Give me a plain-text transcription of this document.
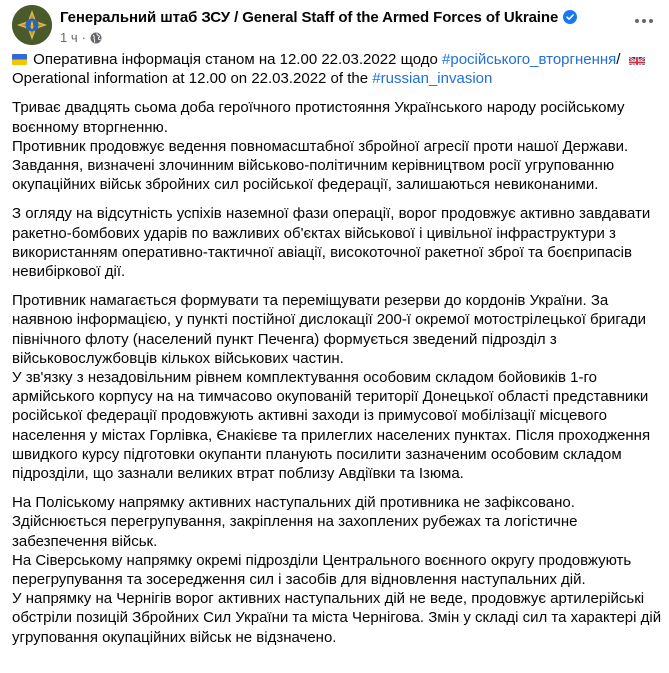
Генеральний штаб ЗСУ / General Staff of the Armed Forces of Ukraine
1 ч ·

Оперативна інформація станом на 12.00 22.03.2022 щодо #російського_вторгнення/
Operational information at 12.00 on 22.03.2022 of the #russian_invasion

Триває двадцять сьома доба героїчного протистояння Українського народу російському
воєнному вторгненню.
Противник продовжує ведення повномасштабної збройної агресії проти нашої Держави.
Завдання, визначені злочинним військово-політичним керівництвом росії угрупованню
окупаційних військ збройних сил російської федерації, залишаються невиконаними.

З огляду на відсутність успіхів наземної фази операції, ворог продовжує активно завдавати
ракетно-бомбових ударів по важливих об'єктах військової і цивільної інфраструктури з
використанням оперативно-тактичної авіації, високоточної ракетної зброї та боєприпасів
невибіркової дії.

Противник намагається формувати та переміщувати резерви до кордонів України. За
наявною інформацією, у пункті постійної дислокації 200-ї окремої мотострілецької бригади
північного флоту (населений пункт Печенга) формується зведений підрозділ з
військовослужбовців кількох військових частин.
У зв'язку з незадовільним рівнем комплектування особовим складом бойовиків 1-го
армійського корпусу на на тимчасово окупованій території Донецької області представники
російської федерації продовжують активні заходи із примусової мобілізації місцевого
населення у містах Горлівка, Єнакієве та прилеглих населених пунктах. Після проходження
швидкого курсу підготовки окупанти планують посилити зазначеним особовим складом
підрозділи, що зазнали великих втрат поблизу Авдіївки та Ізюма.

На Поліському напрямку активних наступальних дій противника не зафіксовано.
Здійснюється перегрупування, закріплення на захоплених рубежах та логістичне
забезпечення військ.
На Сіверському напрямку окремі підрозділи Центрального воєнного округу продовжують
перегрупування та зосередження сил і засобів для відновлення наступальних дій.
У напрямку на Чернігів ворог активних наступальних дій не веде, продовжує артилерійські
обстріли позицій Збройних Сил України та міста Чернігова. Змін у складі сил та характері дій
угруповання окупаційних військ не відзначено.
